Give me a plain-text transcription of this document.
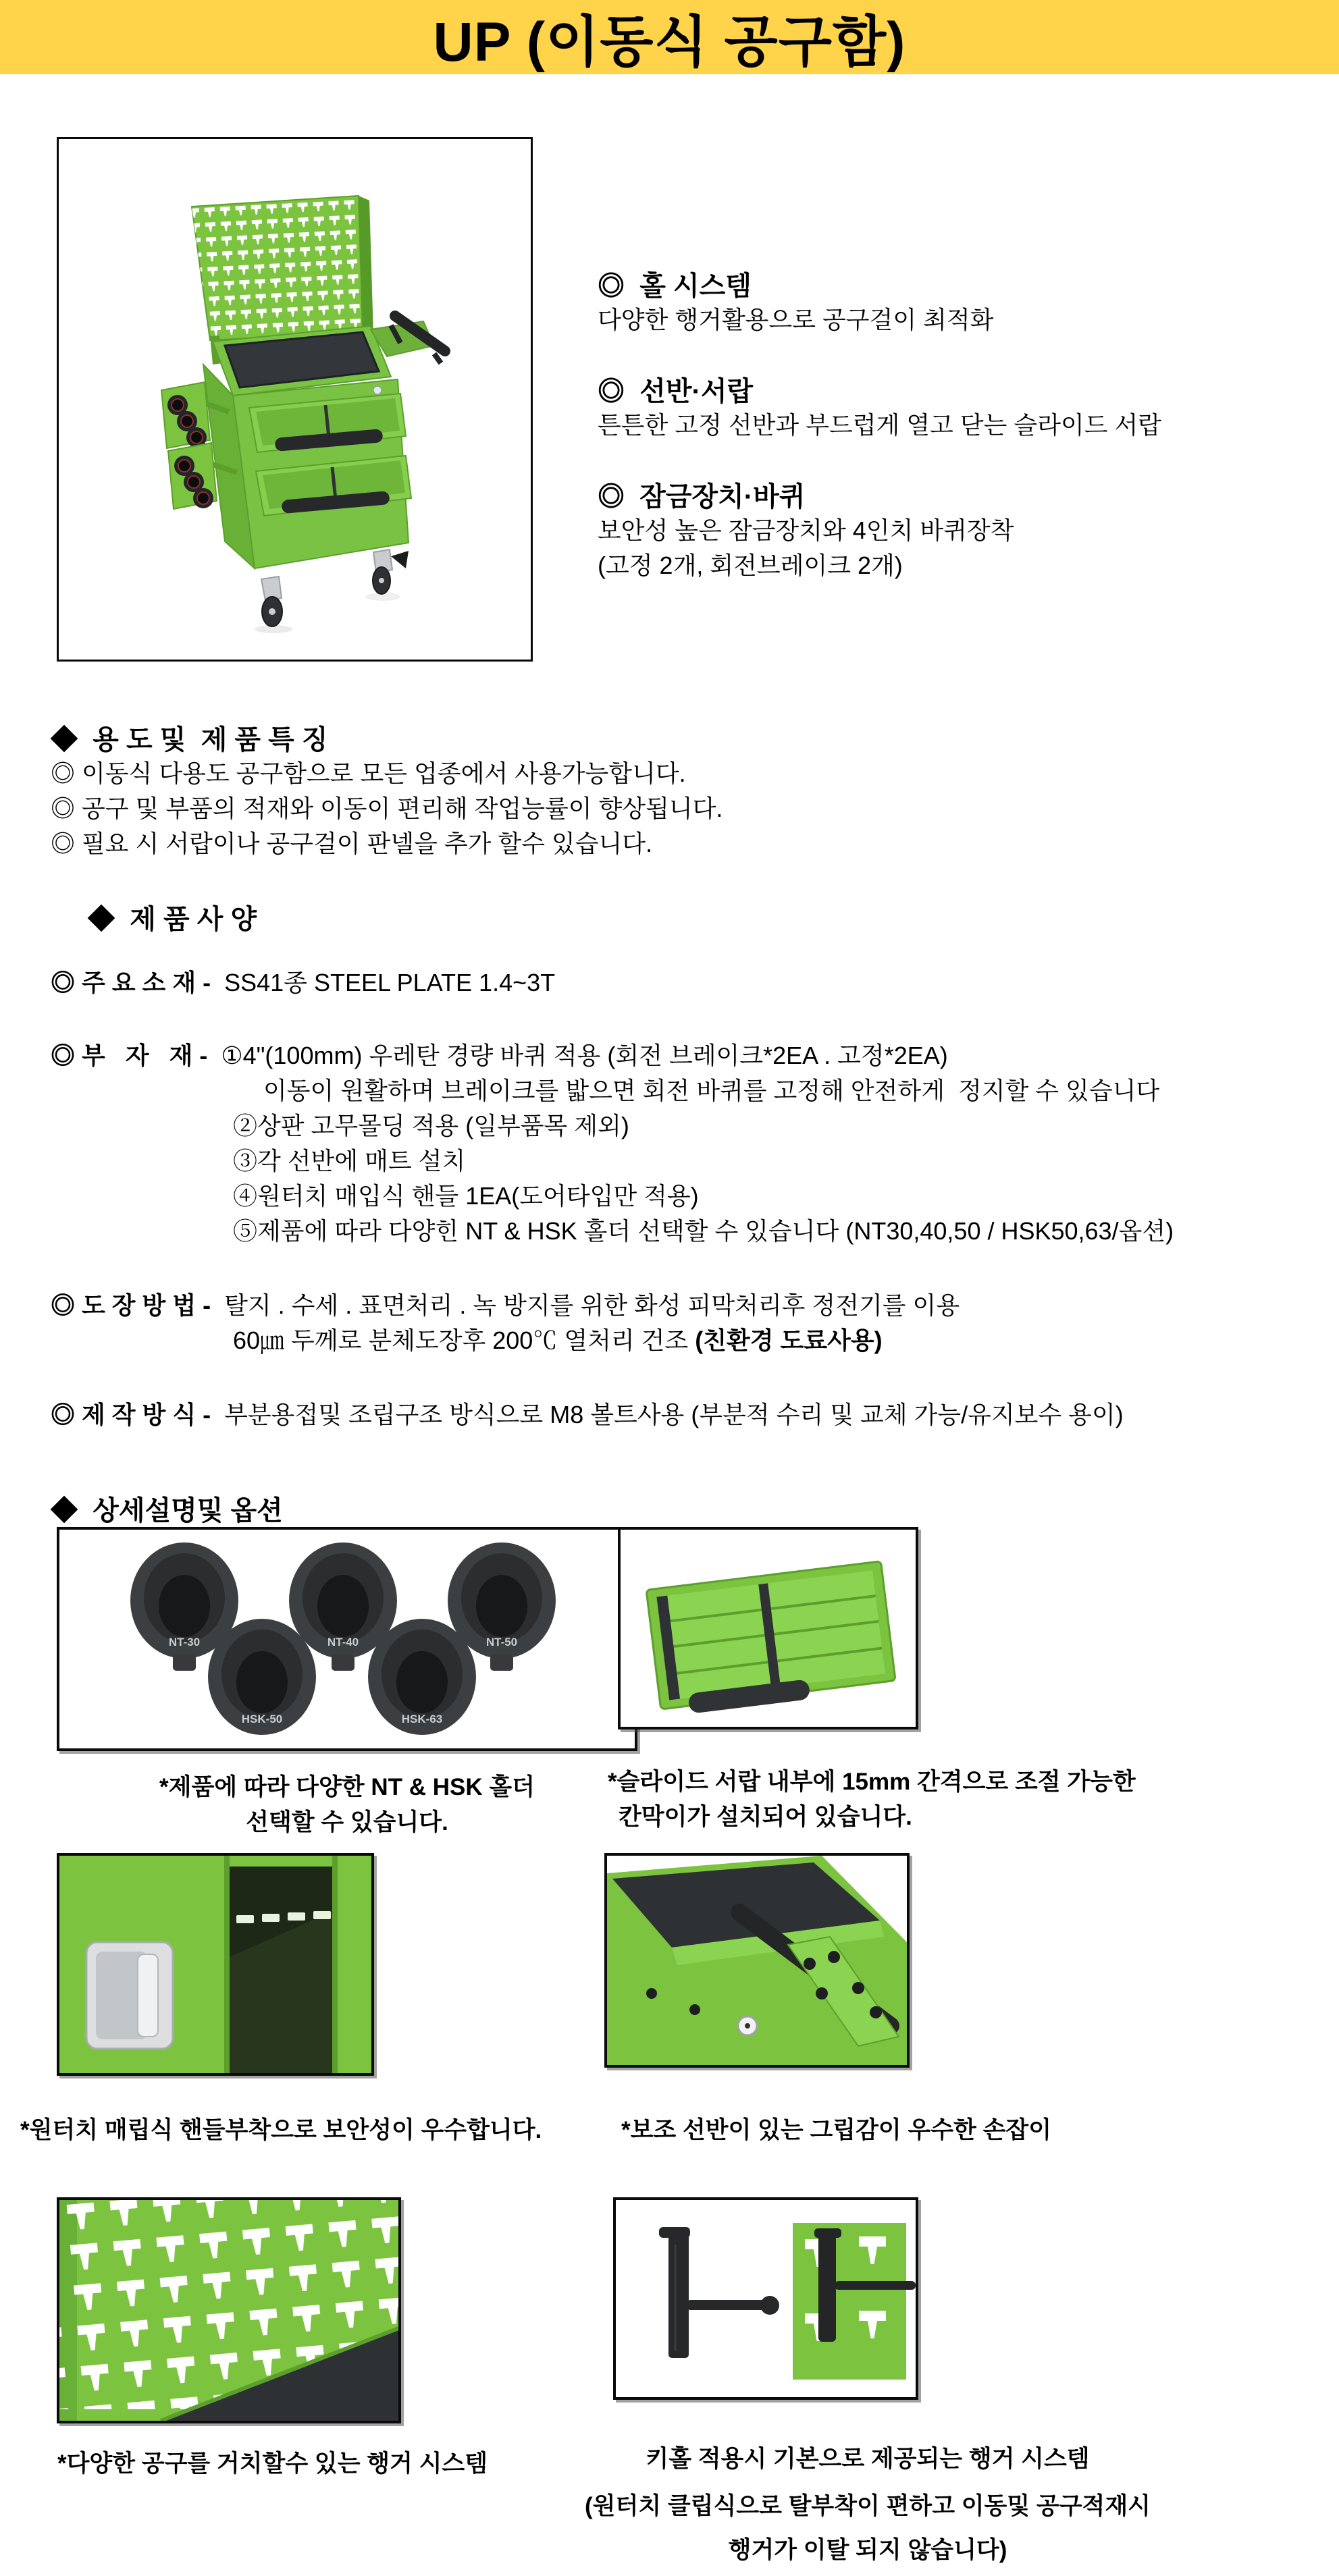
UP (이동식 공구함)
◎  홀 시스템
다양한 행거활용으로 공구걸이 최적화
◎  선반·서랍
튼튼한 고정 선반과 부드럽게 열고 닫는 슬라이드 서랍
◎  잠금장치·바퀴
보안성 높은 잠금장치와 4인치 바퀴장착
(고정 2개, 회전브레이크 2개)
◆  용 도 및  제 품 특 징
◎ 이동식 다용도 공구함으로 모든 업종에서 사용가능합니다.
◎ 공구 및 부품의 적재와 이동이 편리해 작업능률이 향상됩니다.
◎ 필요 시 서랍이나 공구걸이 판넬을 추가 할수 있습니다.
◆  제 품 사 양
◎ 주 요 소 재 -  SS41종 STEEL PLATE 1.4~3T
◎ 부   자   재 -  ①4"(100mm) 우레탄 경량 바퀴 적용 (회전 브레이크*2EA . 고정*2EA)
이동이 원활하며 브레이크를 밟으면 회전 바퀴를 고정해 안전하게  정지할 수 있습니다
②상판 고무몰딩 적용 (일부품목 제외)
③각 선반에 매트 설치
④원터치 매입식 핸들 1EA(도어타입만 적용)
⑤제품에 따라 다양힌 NT & HSK 홀더 선택할 수 있습니다 (NT30,40,50 / HSK50,63/옵션)
◎ 도 장 방 법 -  탈지 . 수세 . 표면처리 . 녹 방지를 위한 화성 피막처리후 정전기를 이용
60㎛ 두께로 분체도장후 200℃ 열처리 건조 (친환경 도료사용)
◎ 제 작 방 식 -  부분용접및 조립구조 방식으로 M8 볼트사용 (부분적 수리 및 교체 가능/유지보수 용이)
◆  상세설명및 옵션
NT-30	NT-40	NT-50
HSK-50	HSK-63
*제품에 따라 다양한 NT & HSK 홀더
선택할 수 있습니다.
*슬라이드 서랍 내부에 15mm 간격으로 조절 가능한
칸막이가 설치되어 있습니다.
*원터치 매립식 핸들부착으로 보안성이 우수합니다.	*보조 선반이 있는 그립감이 우수한 손잡이
*다양한 공구를 거치할수 있는 행거 시스템	키홀 적용시 기본으로 제공되는 행거 시스템
(원터치 클립식으로 탈부착이 편하고 이동및 공구적재시
행거가 이탈 되지 않습니다)
